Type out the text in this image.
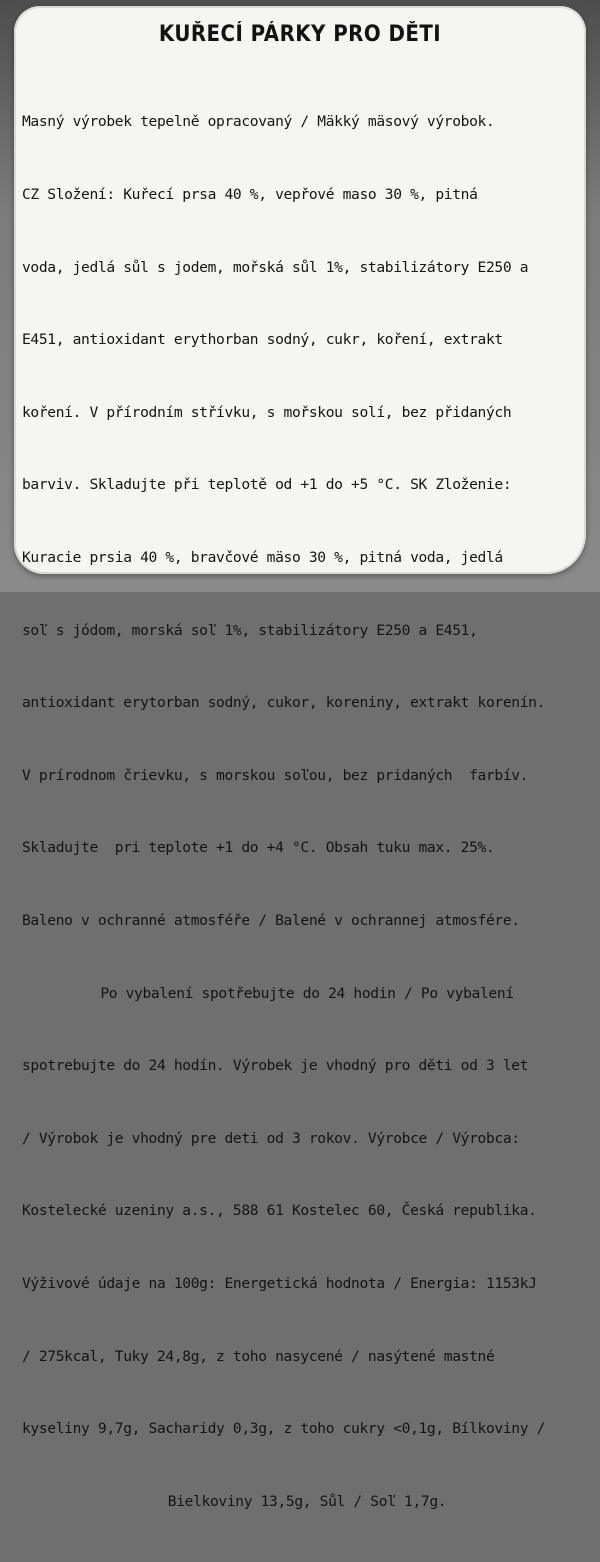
KUŘECÍ PÁRKY PRO DĚTI

Masný výrobek tepelně opracovaný / Mäkký mäsový výrobok.

CZ Složení: Kuřecí prsa 40 %, vepřové maso 30 %, pitná

voda, jedlá sůl s jodem, mořská sůl 1%, stabilizátory E250 a

E451, antioxidant erythorban sodný, cukr, koření, extrakt

koření. V přírodním střívku, s mořskou solí, bez přidaných

barviv. Skladujte při teplotě od +1 do +5 °C. SK Zloženie:

Kuracie prsia 40 %, bravčové mäso 30 %, pitná voda, jedlá

soľ s jódom, morská soľ 1%, stabilizátory E250 a E451,

antioxidant erytorban sodný, cukor, koreniny, extrakt korenín.

V prírodnom črievku, s morskou soľou, bez pridaných  farbív.

Skladujte  pri teplote +1 do +4 °C. Obsah tuku max. 25%.

Baleno v ochranné atmosféře / Balené v ochrannej atmosfére.

Po vybalení spotřebujte do 24 hodin / Po vybalení

spotrebujte do 24 hodín. Výrobek je vhodný pro děti od 3 let

/ Výrobok je vhodný pre deti od 3 rokov. Výrobce / Výrobca:

Kostelecké uzeniny a.s., 588 61 Kostelec 60, Česká republika.

Výživové údaje na 100g: Energetická hodnota / Energia: 1153kJ

/ 275kcal, Tuky 24,8g, z toho nasycené / nasýtené mastné

kyseliny 9,7g, Sacharidy 0,3g, z toho cukry <0,1g, Bílkoviny /

Bielkoviny 13,5g, Sůl / Soľ 1,7g.
